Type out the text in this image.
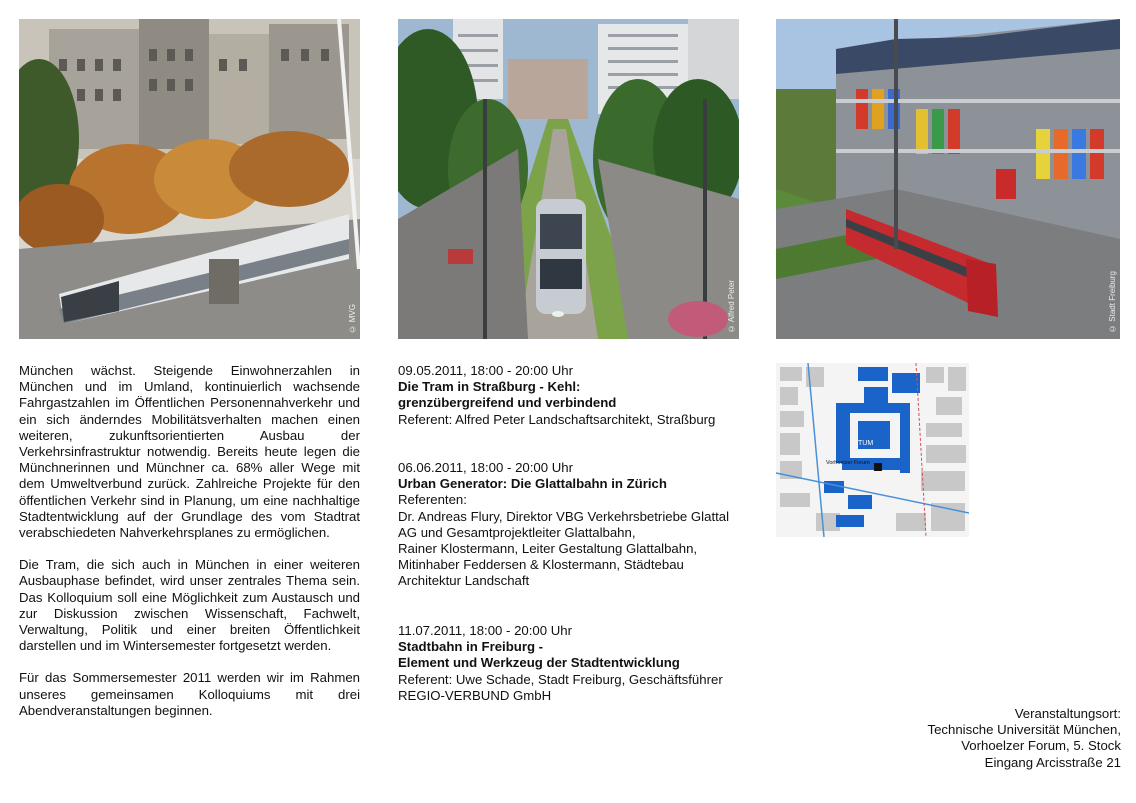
© MVG	© Alfred Peter	© Stadt Freiburg

München wächst. Steigende Einwohnerzahlen in München und im Umland, kontinuierlich wachsende Fahrgastzahlen im Öffentlichen Personennahverkehr und ein sich änderndes Mobilitätsverhalten machen einen weiteren, zukunftsorientierten Ausbau der Verkehrsinfrastruktur notwendig. Bereits heute legen die Münchnerinnen und Münchner ca. 68% aller Wege mit dem Umweltverbund zurück. Zahlreiche Projekte für den öffentlichen Verkehr sind in Planung, um eine nachhaltige Stadtentwicklung auf der Grundlage des vom Stadtrat verabschiedeten Nahverkehrsplanes zu ermöglichen.

Die Tram, die sich auch in München in einer weiteren Ausbauphase befindet, wird unser zentrales Thema sein. Das Kolloquium soll eine Möglichkeit zum Austausch und zur Diskussion zwischen Wissenschaft, Fachwelt, Verwaltung, Politik und einer breiten Öffentlichkeit darstellen und im Wintersemester fortgesetzt werden.

Für das Sommersemester 2011 werden wir im Rahmen unseres gemeinsamen Kolloquiums mit drei Abendveranstaltungen beginnen.

09.05.2011, 18:00 - 20:00 Uhr
Die Tram in Straßburg - Kehl:
grenzübergreifend und verbindend
Referent: Alfred Peter Landschaftsarchitekt, Straßburg
06.06.2011, 18:00 - 20:00 Uhr
Urban Generator: Die Glattalbahn in Zürich
Referenten:
Dr. Andreas Flury, Direktor VBG Verkehrsbetriebe Glattal AG und Gesamtprojektleiter Glattalbahn,
Rainer Klostermann, Leiter Gestaltung Glattalbahn, Mitinhaber Feddersen & Klostermann, Städtebau Architektur Landschaft
11.07.2011, 18:00 - 20:00 Uhr
Stadtbahn in Freiburg -
Element und Werkzeug der Stadtentwicklung
Referent: Uwe Schade, Stadt Freiburg, Geschäftsführer REGIO-VERBUND GmbH
TUM
Vorhoelzer Forum
Veranstaltungsort:
Technische Universität München,
Vorhoelzer Forum, 5. Stock
Eingang Arcisstraße 21
